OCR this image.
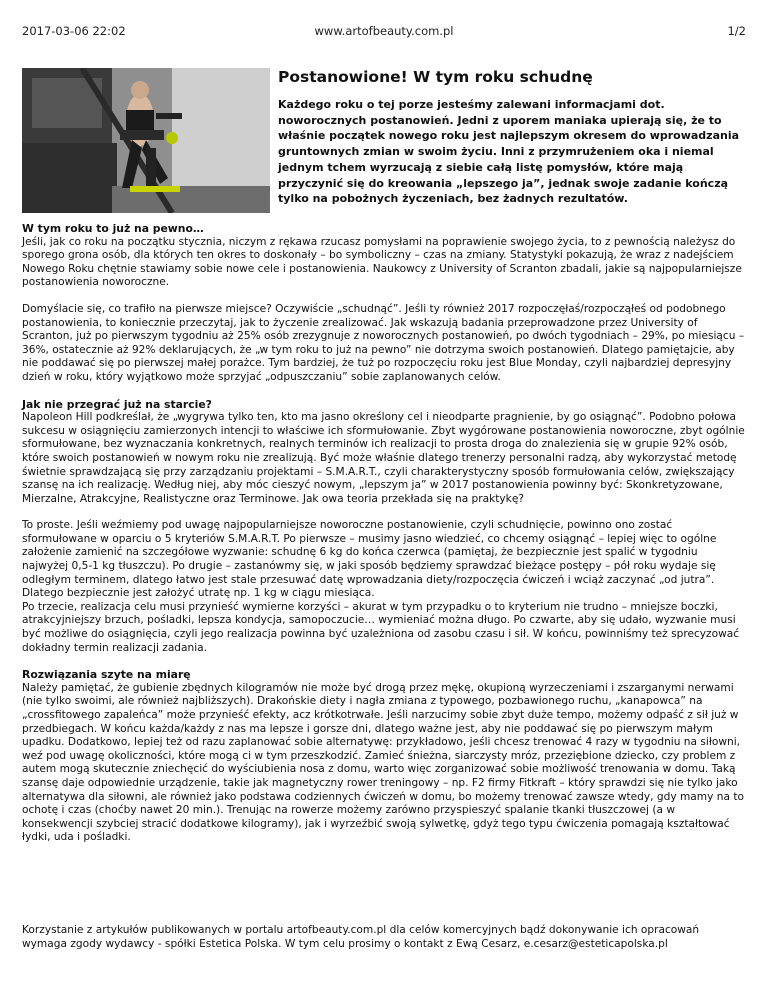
2017-03-06 22:02	www.artofbeauty.com.pl	1/2
Postanowione! W tym roku schudnę

Każdego roku o tej porze jesteśmy zalewani informacjami dot. noworocznych postanowień. Jedni z uporem maniaka upierają się, że to właśnie początek nowego roku jest najlepszym okresem do wprowadzania gruntownych zmian w swoim życiu. Inni z przymrużeniem oka i niemal jednym tchem wyrzucają z siebie całą listę pomysłów, które mają przyczynić się do kreowania „lepszego ja”, jednak swoje zadanie kończą tylko na pobożnych życzeniach, bez żadnych rezultatów.

W tym roku to już na pewno…

Jeśli, jak co roku na początku stycznia, niczym z rękawa rzucasz pomysłami na poprawienie swojego życia, to z pewnością należysz do sporego grona osób, dla których ten okres to doskonały – bo symboliczny – czas na zmiany. Statystyki pokazują, że wraz z nadejściem Nowego Roku chętnie stawiamy sobie nowe cele i postanowienia. Naukowcy z University of Scranton zbadali, jakie są najpopularniejsze postanowienia noworoczne.

Domyślacie się, co trafiło na pierwsze miejsce? Oczywiście „schudnąć”. Jeśli ty również 2017 rozpoczęłaś/rozpocząłeś od podobnego postanowienia, to koniecznie przeczytaj, jak to życzenie zrealizować. Jak wskazują badania przeprowadzone przez University of Scranton, już po pierwszym tygodniu aż 25% osób zrezygnuje z noworocznych postanowień, po dwóch tygodniach – 29%, po miesiącu – 36%, ostatecznie aż 92% deklarujących, że „w tym roku to już na pewno” nie dotrzyma swoich postanowień. Dlatego pamiętajcie, aby nie poddawać się po pierwszej małej porażce. Tym bardziej, że tuż po rozpoczęciu roku jest Blue Monday, czyli najbardziej depresyjny dzień w roku, który wyjątkowo może sprzyjać „odpuszczaniu” sobie zaplanowanych celów.

Jak nie przegrać już na starcie?

Napoleon Hill podkreślał, że „wygrywa tylko ten, kto ma jasno określony cel i nieodparte pragnienie, by go osiągnąć”. Podobno połowa sukcesu w osiągnięciu zamierzonych intencji to właściwe ich sformułowanie. Zbyt wygórowane postanowienia noworoczne, zbyt ogólnie sformułowane, bez wyznaczania konkretnych, realnych terminów ich realizacji to prosta droga do znalezienia się w grupie 92% osób, które swoich postanowień w nowym roku nie zrealizują. Być może właśnie dlatego trenerzy personalni radzą, aby wykorzystać metodę świetnie sprawdzającą się przy zarządzaniu projektami – S.M.A.R.T., czyli charakterystyczny sposób formułowania celów, zwiększający szansę na ich realizację. Według niej, aby móc cieszyć nowym, „lepszym ja” w 2017 postanowienia powinny być: Skonkretyzowane, Mierzalne, Atrakcyjne, Realistyczne oraz Terminowe. Jak owa teoria przekłada się na praktykę?

To proste. Jeśli weźmiemy pod uwagę najpopularniejsze noworoczne postanowienie, czyli schudnięcie, powinno ono zostać sformułowane w oparciu o 5 kryteriów S.M.A.R.T. Po pierwsze – musimy jasno wiedzieć, co chcemy osiągnąć – lepiej więc to ogólne założenie zamienić na szczegółowe wyzwanie: schudnę 6 kg do końca czerwca (pamiętaj, że bezpiecznie jest spalić w tygodniu najwyżej 0,5-1 kg tłuszczu). Po drugie – zastanówmy się, w jaki sposób będziemy sprawdzać bieżące postępy – pół roku wydaje się odległym terminem, dlatego łatwo jest stale przesuwać datę wprowadzania diety/rozpoczęcia ćwiczeń i wciąż zaczynać „od jutra”. Dlatego bezpiecznie jest założyć utratę np. 1 kg w ciągu miesiąca.

Po trzecie, realizacja celu musi przynieść wymierne korzyści – akurat w tym przypadku o to kryterium nie trudno – mniejsze boczki, atrakcyjniejszy brzuch, pośladki, lepsza kondycja, samopoczucie… wymieniać można długo. Po czwarte, aby się udało, wyzwanie musi być możliwe do osiągnięcia, czyli jego realizacja powinna być uzależniona od zasobu czasu i sił. W końcu, powinniśmy też sprecyzować dokładny termin realizacji zadania.

Rozwiązania szyte na miarę

Należy pamiętać, że gubienie zbędnych kilogramów nie może być drogą przez mękę, okupioną wyrzeczeniami i zszarganymi nerwami (nie tylko swoimi, ale również najbliższych). Drakońskie diety i nagła zmiana z typowego, pozbawionego ruchu, „kanapowca” na „crossfitowego zapaleńca” może przynieść efekty, acz krótkotrwałe. Jeśli narzucimy sobie zbyt duże tempo, możemy odpaść z sił już w przedbiegach. W końcu każda/każdy z nas ma lepsze i gorsze dni, dlatego ważne jest, aby nie poddawać się po pierwszym małym upadku. Dodatkowo, lepiej też od razu zaplanować sobie alternatywę: przykładowo, jeśli chcesz trenować 4 razy w tygodniu na siłowni, weź pod uwagę okoliczności, które mogą ci w tym przeszkodzić. Zamieć śnieżna, siarczysty mróz, przeziębione dziecko, czy problem z autem mogą skutecznie zniechęcić do wyściubienia nosa z domu, warto więc zorganizować sobie możliwość trenowania w domu. Taką szansę daje odpowiednie urządzenie, takie jak magnetyczny rower treningowy – np. F2 firmy Fitkraft – który sprawdzi się nie tylko jako alternatywa dla siłowni, ale również jako podstawa codziennych ćwiczeń w domu, bo możemy trenować zawsze wtedy, gdy mamy na to ochotę i czas (choćby nawet 20 min.). Trenując na rowerze możemy zarówno przyspieszyć spalanie tkanki tłuszczowej (a w konsekwencji szybciej stracić dodatkowe kilogramy), jak i wyrzeźbić swoją sylwetkę, gdyż tego typu ćwiczenia pomagają kształtować łydki, uda i pośladki.

Korzystanie z artykułów publikowanych w portalu artofbeauty.com.pl dla celów komercyjnych bądź dokonywanie ich opracowań wymaga zgody wydawcy - spółki Estetica Polska. W tym celu prosimy o kontakt z Ewą Cesarz, e.cesarz@esteticapolska.pl
